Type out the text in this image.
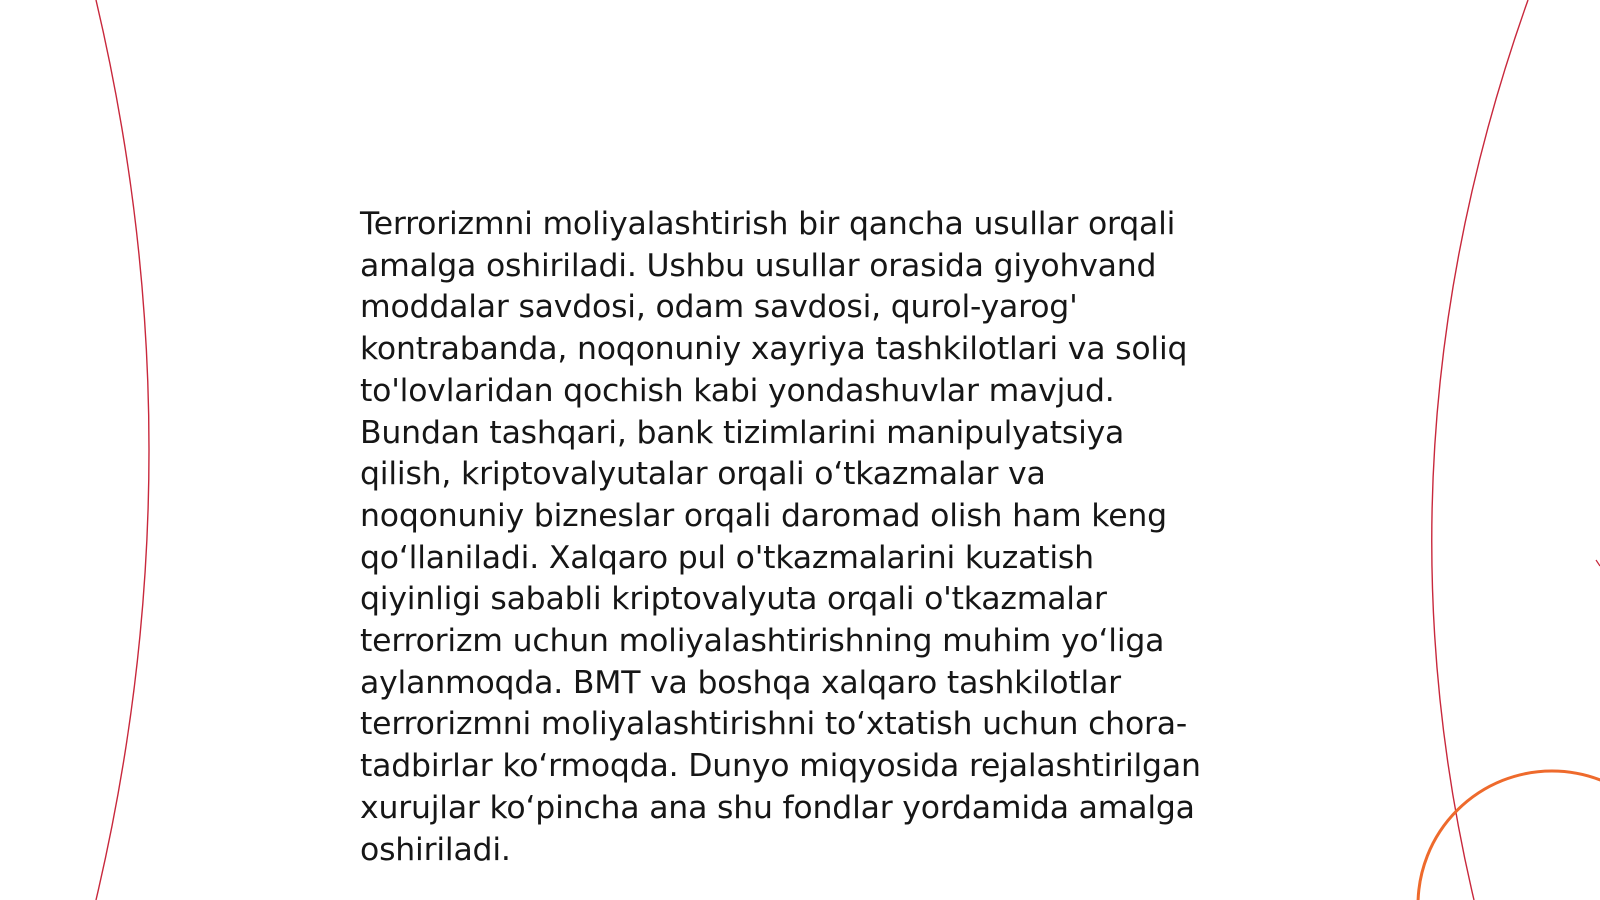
Terrorizmni moliyalashtirish bir qancha usullar orqali
amalga oshiriladi. Ushbu usullar orasida giyohvand
moddalar savdosi, odam savdosi, qurol-yarog'
kontrabanda, noqonuniy xayriya tashkilotlari va soliq
to'lovlaridan qochish kabi yondashuvlar mavjud.
Bundan tashqari, bank tizimlarini manipulyatsiya
qilish, kriptovalyutalar orqali o‘tkazmalar va
noqonuniy bizneslar orqali daromad olish ham keng
qo‘llaniladi. Xalqaro pul o'tkazmalarini kuzatish
qiyinligi sababli kriptovalyuta orqali o'tkazmalar
terrorizm uchun moliyalashtirishning muhim yo‘liga
aylanmoqda. BMT va boshqa xalqaro tashkilotlar
terrorizmni moliyalashtirishni to‘xtatish uchun chora-
tadbirlar ko‘rmoqda. Dunyo miqyosida rejalashtirilgan
xurujlar ko‘pincha ana shu fondlar yordamida amalga
oshiriladi.
